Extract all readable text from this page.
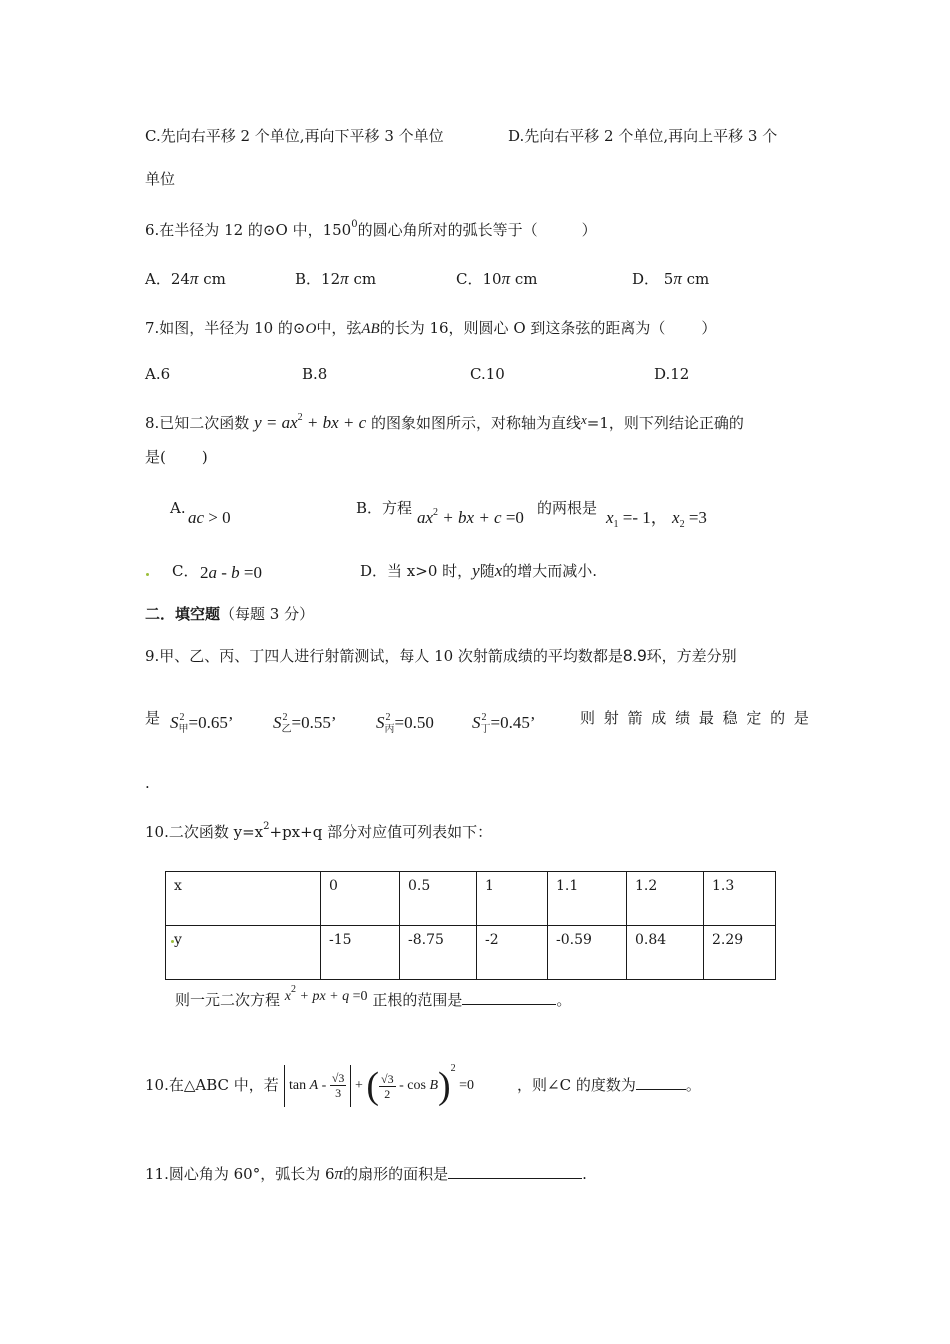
C.先向右平移 2 个单位,再向下平移 3 个单位	D.先向右平移 2 个单位,再向上平移 3 个
单位
6.在半径为 12 的⊙O 中，$150^0$的圆心角所对的弧长等于（	）
A．24π cm	B．12π cm	C．10π cm	D． 5π cm
7.如图，半径为 10 的⊙O中，弦AB的长为 16，则圆心 O 到这条弦的距离为（ ）
A.6	B.8	C.10	D.12
8.已知二次函数 $y = ax^2$ + bx + c 的图象如图所示，对称轴为直线x=1，则下列结论正确的
是( )
A. ac > 0	B．方程 $ax^2$ + bx + c =0 的两根是 $x_1 =- 1$， $x_2 =3$
C． 2a - b =0	D．当 x>0 时，y随x的增大而减小.
二．填空题（每题 3 分）
9.甲、乙、丙、丁四人进行射箭测试，每人 10 次射箭成绩的平均数都是8.9环，方差分别
是 $S^2_甲=0.65$’ $S^2_乙=0.55$’ $S^2_丙=0.50$ $S^2_丁=0.45$’	则 射 箭 成 绩 最 稳 定 的 是
.
10.二次函数 $y=x^2+px+q$ 部分对应值可列表如下：
x	0	0.5	1	1.1	1.2	1.3
y	-15	-8.75	-2	-0.59	0.84	2.29
则一元二次方程 $x^2$ + px + q =0 正根的范围是	。
10.在△ABC 中，若 tan A - $\frac{√3}{3}$ + ( $\frac{√3}{2} - \cos B)^2 =0$	，则∠C 的度数为	。
11.圆心角为 60°，弧长为 6π的扇形的面积是	.
